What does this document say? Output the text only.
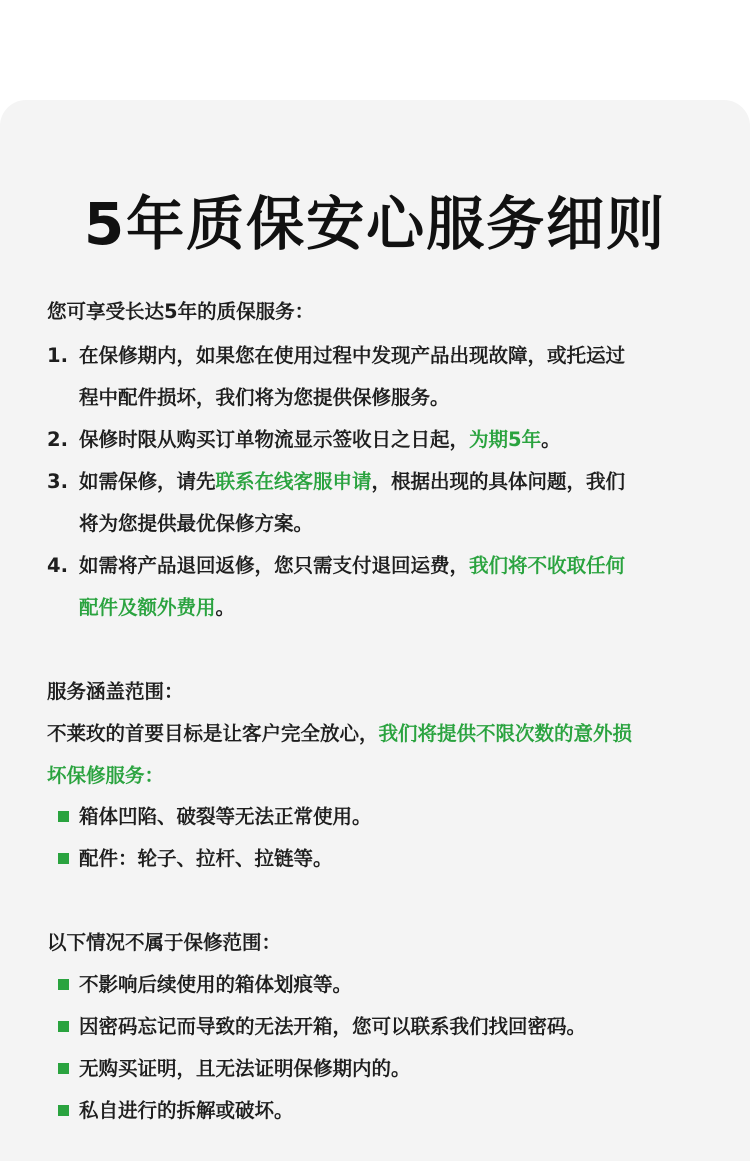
5年质保安心服务细则
您可享受长达5年的质保服务：
1. 在保修期内，如果您在使用过程中发现产品出现故障，或托运过
程中配件损坏，我们将为您提供保修服务。
2. 保修时限从购买订单物流显示签收日之日起，为期5年。
3. 如需保修，请先联系在线客服申请，根据出现的具体问题，我们
将为您提供最优保修方案。
4. 如需将产品退回返修，您只需支付退回运费，我们将不收取任何
配件及额外费用。
服务涵盖范围：
不莱玫的首要目标是让客户完全放心，我们将提供不限次数的意外损
坏保修服务：
箱体凹陷、破裂等无法正常使用。
配件：轮子、拉杆、拉链等。
以下情况不属于保修范围：
不影响后续使用的箱体划痕等。
因密码忘记而导致的无法开箱，您可以联系我们找回密码。
无购买证明，且无法证明保修期内的。
私自进行的拆解或破坏。
